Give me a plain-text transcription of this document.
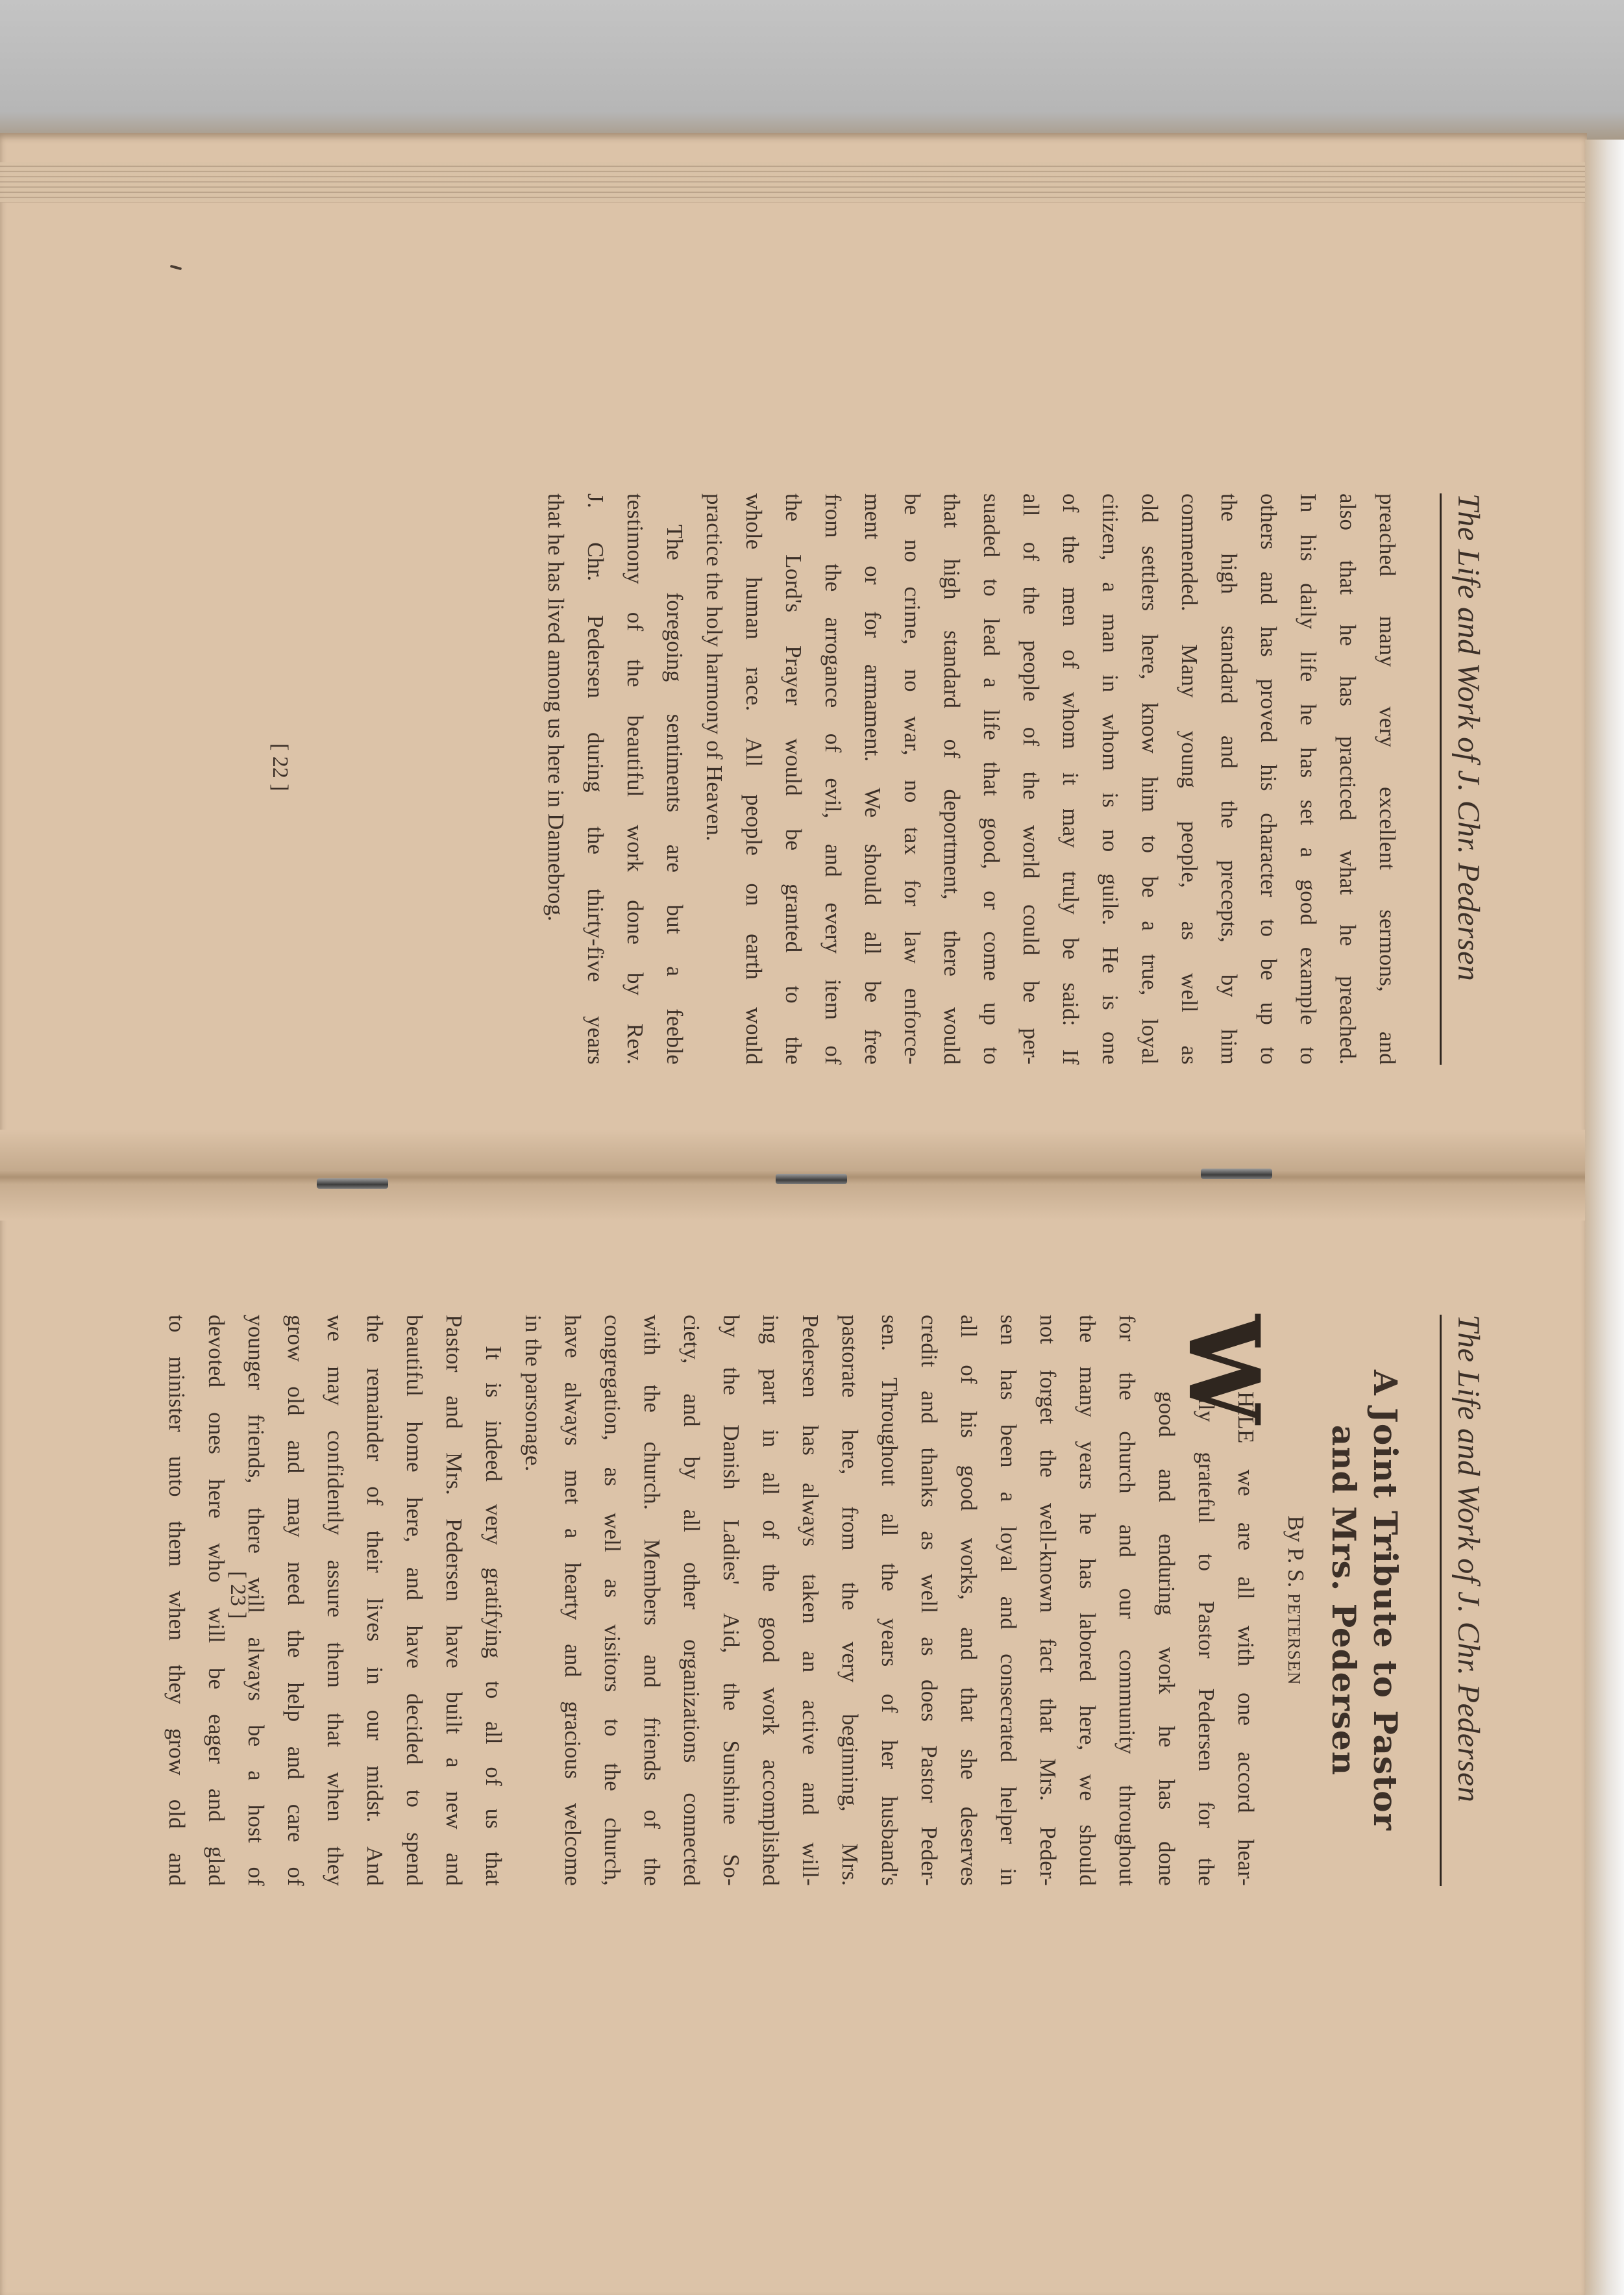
The Life and Work of J. Chr. Pedersen
preached many very excellent sermons, and
also that he has practiced what he preached.
In his daily life he has set a good example to
others and has proved his character to be up to
the high standard and the precepts, by him
commended. Many young people, as well as
old settlers here, know him to be a true, loyal
citizen, a man in whom is no guile. He is one
of the men of whom it may truly be said: If
all of the people of the world could be per-
suaded to lead a life that good, or come up to
that high standard of deportment, there would
be no crime, no war, no tax for law enforce-
ment or for armament. We should all be free
from the arrogance of evil, and every item of
the Lord's Prayer would be granted to the
whole human race. All people on earth would
practice the holy harmony of Heaven.
The foregoing sentiments are but a feeble
testimony of the beautiful work done by Rev.
J. Chr. Pedersen during the thirty-five years
that he has lived among us here in Dannebrog.
[ 22 ]
The Life and Work of J. Chr. Pedersen
A Joint Tribute to Pastor
and Mrs. Pedersen
By P. S. PETERSEN
W
HILE we are all with one accord hear-
tily grateful to Pastor Pedersen for the
good and enduring work he has done
for the church and our community throughout
the many years he has labored here, we should
not forget the well-known fact that Mrs. Peder-
sen has been a loyal and consecrated helper in
all of his good works, and that she deserves
credit and thanks as well as does Pastor Peder-
sen. Throughout all the years of her husband's
pastorate here, from the very beginning, Mrs.
Pedersen has always taken an active and will-
ing part in all of the good work accomplished
by the Danish Ladies' Aid, the Sunshine So-
ciety, and by all other organizations connected
with the church. Members and friends of the
congregation, as well as visitors to the church,
have always met a hearty and gracious welcome
in the parsonage.
It is indeed very gratifying to all of us that
Pastor and Mrs. Pedersen have built a new and
beautiful home here, and have decided to spend
the remainder of their lives in our midst. And
we may confidently assure them that when they
grow old and may need the help and care of
younger friends, there will always be a host of
devoted ones here who will be eager and glad
to minister unto them when they grow old and	[ 23 ]
